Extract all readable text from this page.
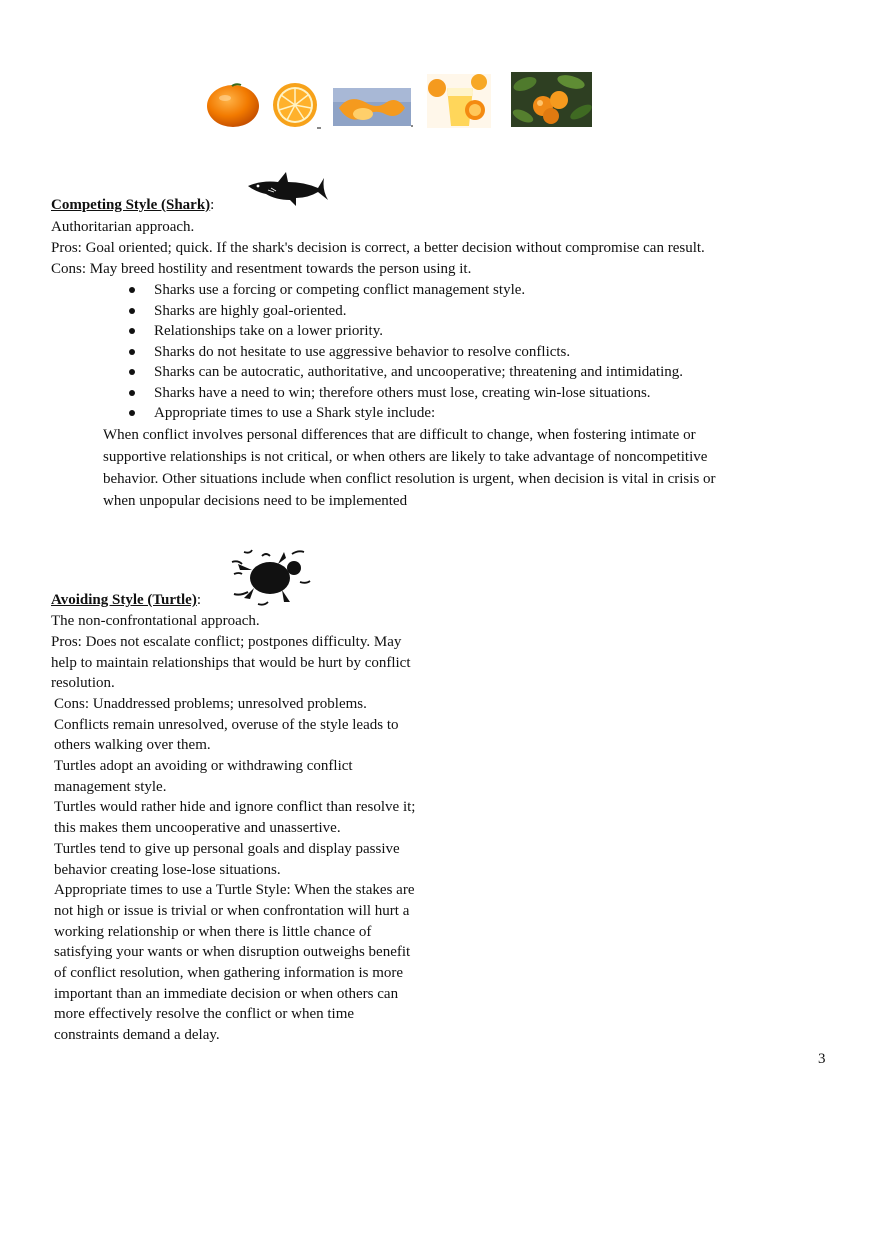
Competing Style (Shark):
Authoritarian approach.
Pros: Goal oriented; quick. If the shark's decision is correct, a better decision without compromise can result.
Cons: May breed hostility and resentment towards the person using it.
Sharks use a forcing or competing conflict management style.
Sharks are highly goal-oriented.
Relationships take on a lower priority.
Sharks do not hesitate to use aggressive behavior to resolve conflicts.
Sharks can be autocratic, authoritative, and uncooperative; threatening and intimidating.
Sharks have a need to win; therefore others must lose, creating win-lose situations.
Appropriate times to use a Shark style include:
When conflict involves personal differences that are difficult to change, when fostering intimate or
supportive relationships is not critical, or when others are likely to take advantage of noncompetitive
behavior. Other situations include when conflict resolution is urgent, when decision is vital in crisis or
when unpopular decisions need to be implemented
Avoiding Style (Turtle):
The non-confrontational approach.
Pros: Does not escalate conflict; postpones difficulty. May
help to maintain relationships that would be hurt by conflict
resolution.
Cons: Unaddressed problems; unresolved problems.
Conflicts remain unresolved, overuse of the style leads to
others walking over them.
Turtles adopt an avoiding or withdrawing conflict
management style.
Turtles would rather hide and ignore conflict than resolve it;
this makes them uncooperative and unassertive.
Turtles tend to give up personal goals and display passive
behavior creating lose-lose situations.
Appropriate times to use a Turtle Style: When the stakes are
not high or issue is trivial or when confrontation will hurt a
working relationship or when there is little chance of
satisfying your wants or when disruption outweighs benefit
of conflict resolution, when gathering information is more
important than an immediate decision or when others can
more effectively resolve the conflict or when time
constraints demand a delay.
3
